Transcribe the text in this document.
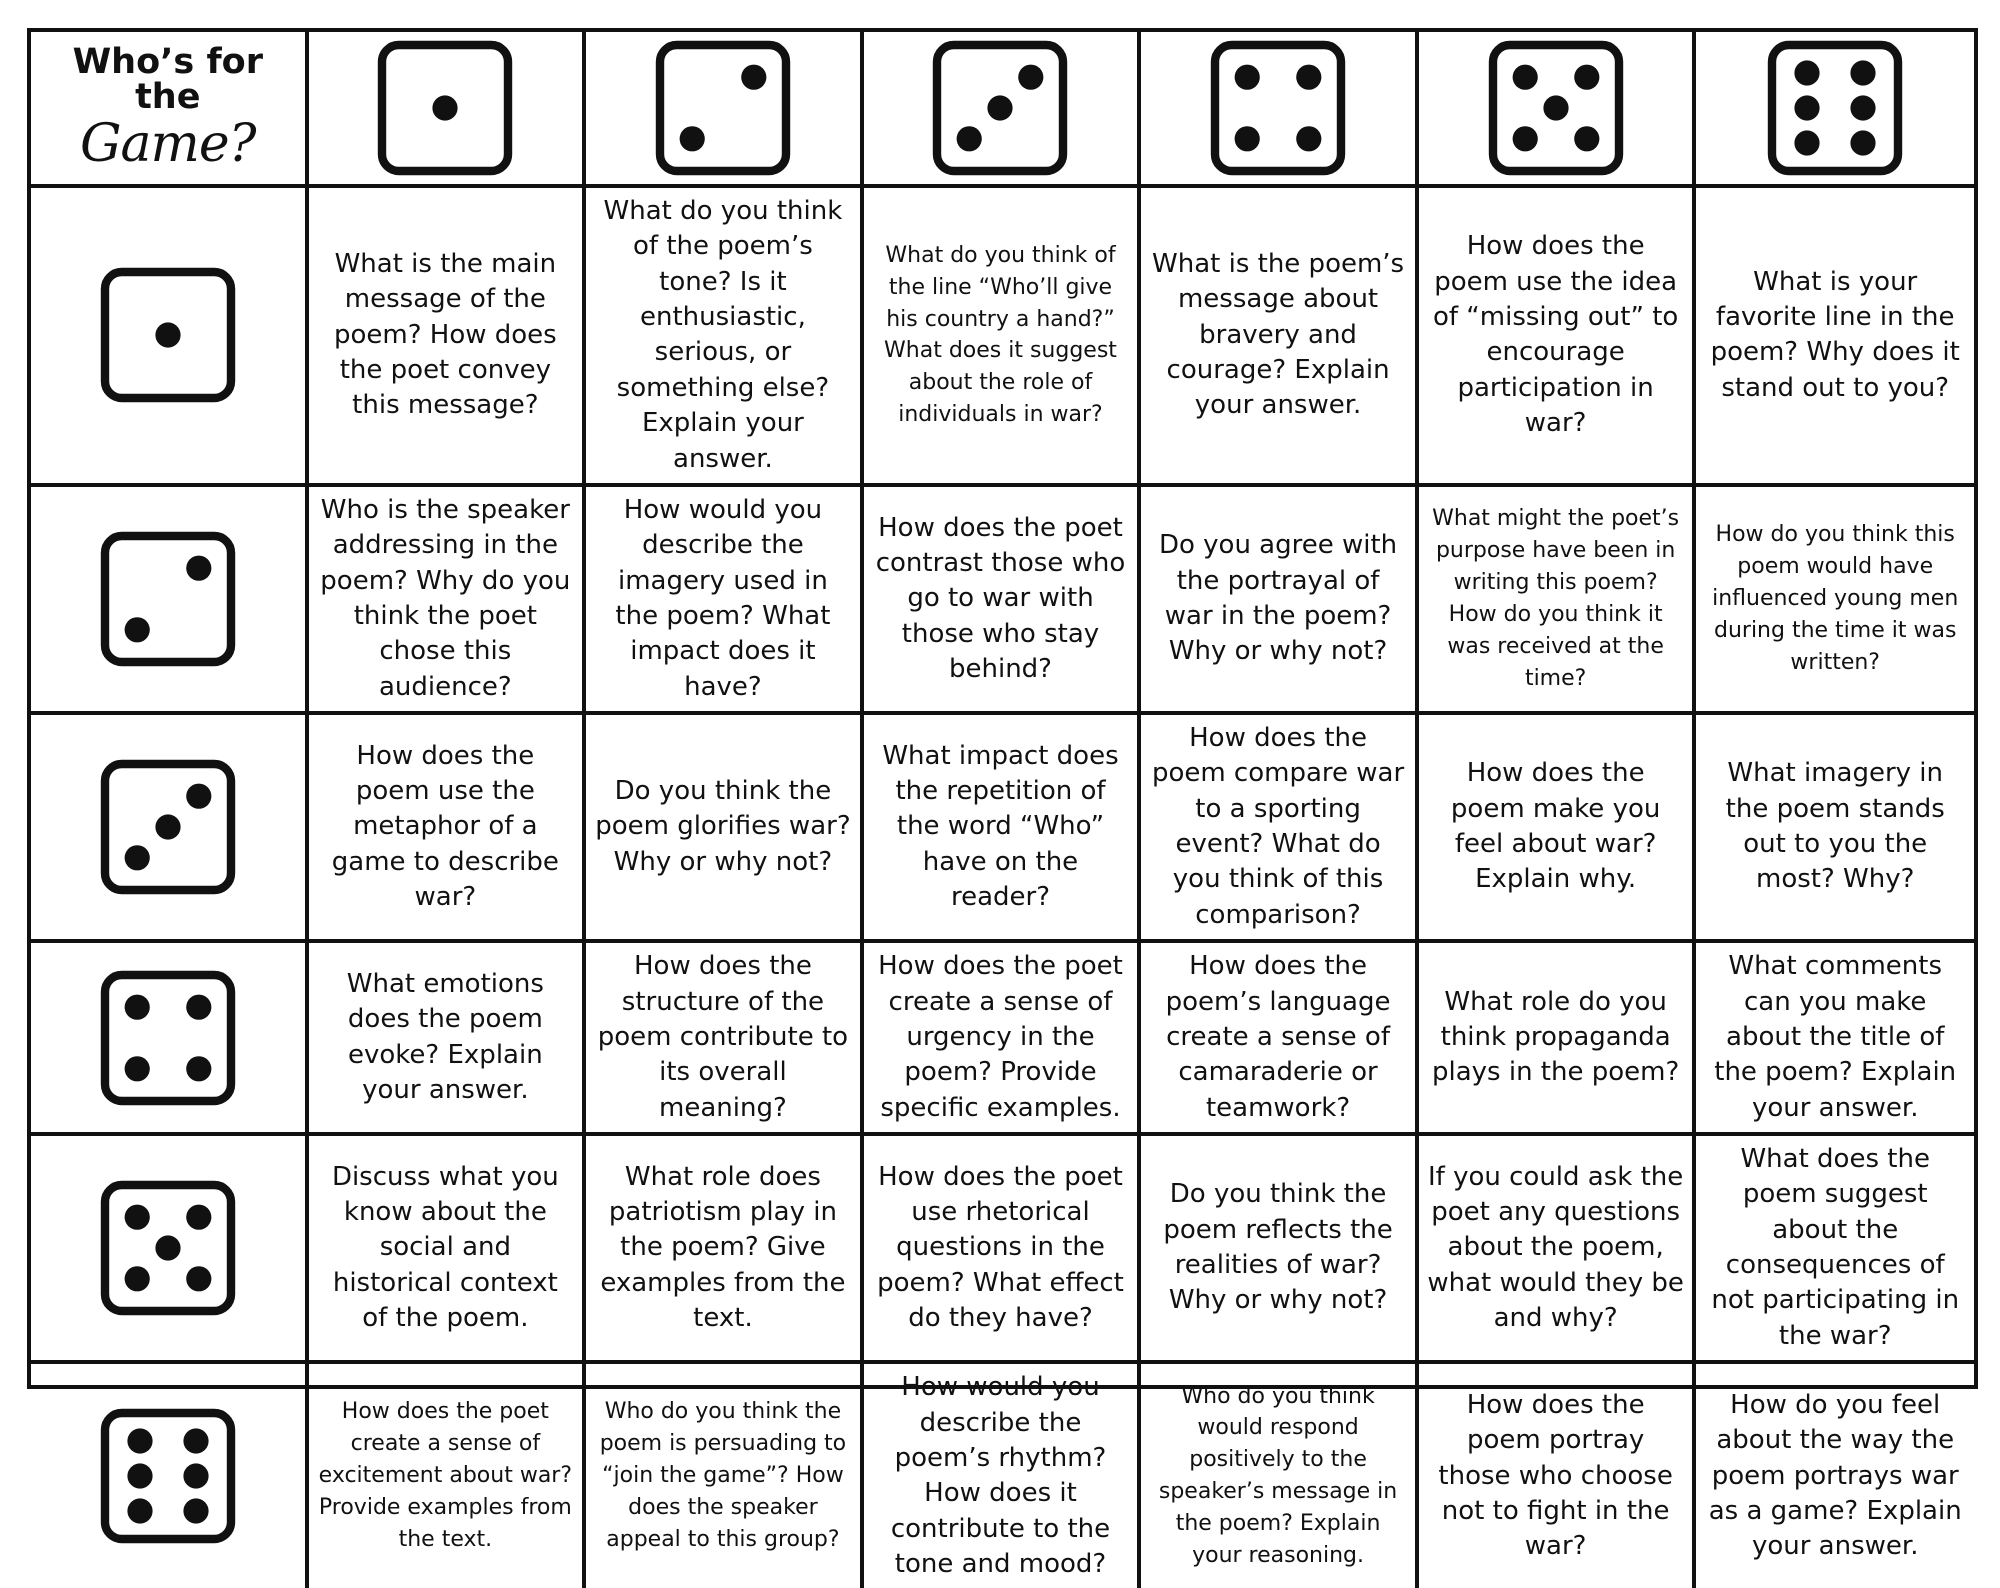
Who’s for
the
Game?
What is the main message of the poem? How does the poet convey this message?
What do you think of the poem’s tone? Is it enthusiastic, serious, or something else? Explain your answer.
What do you think of the line “Who’ll give his country a hand?” What does it suggest about the role of individuals in war?
What is the poem’s message about bravery and courage? Explain your answer.
How does the poem use the idea of “missing out” to encourage participation in war?
What is your favorite line in the poem? Why does it stand out to you?
Who is the speaker addressing in the poem? Why do you think the poet chose this audience?
How would you describe the imagery used in the poem? What impact does it have?
How does the poet contrast those who go to war with those who stay behind?
Do you agree with the portrayal of war in the poem? Why or why not?
What might the poet’s purpose have been in writing this poem? How do you think it was received at the time?
How do you think this poem would have influenced young men during the time it was written?
How does the poem use the metaphor of a game to describe war?
Do you think the poem glorifies war? Why or why not?
What impact does the repetition of the word “Who” have on the reader?
How does the poem compare war to a sporting event? What do you think of this comparison?
How does the poem make you feel about war? Explain why.
What imagery in the poem stands out to you the most? Why?
What emotions does the poem evoke? Explain your answer.
How does the structure of the poem contribute to its overall meaning?
How does the poet create a sense of urgency in the poem? Provide specific examples.
How does the poem’s language create a sense of camaraderie or teamwork?
What role do you think propaganda plays in the poem?
What comments can you make about the title of the poem? Explain your answer.
Discuss what you know about the social and historical context of the poem.
What role does patriotism play in the poem? Give examples from the text.
How does the poet use rhetorical questions in the poem? What effect do they have?
Do you think the poem reflects the realities of war? Why or why not?
If you could ask the poet any questions about the poem, what would they be and why?
What does the poem suggest about the consequences of not participating in the war?
How does the poet create a sense of excitement about war? Provide examples from the text.
Who do you think the poem is persuading to “join the game”? How does the speaker appeal to this group?
How would you describe the poem’s rhythm? How does it contribute to the tone and mood?
Who do you think would respond positively to the speaker’s message in the poem? Explain your reasoning.
How does the poem portray those who choose not to fight in the war?
How do you feel about the way the poem portrays war as a game? Explain your answer.
